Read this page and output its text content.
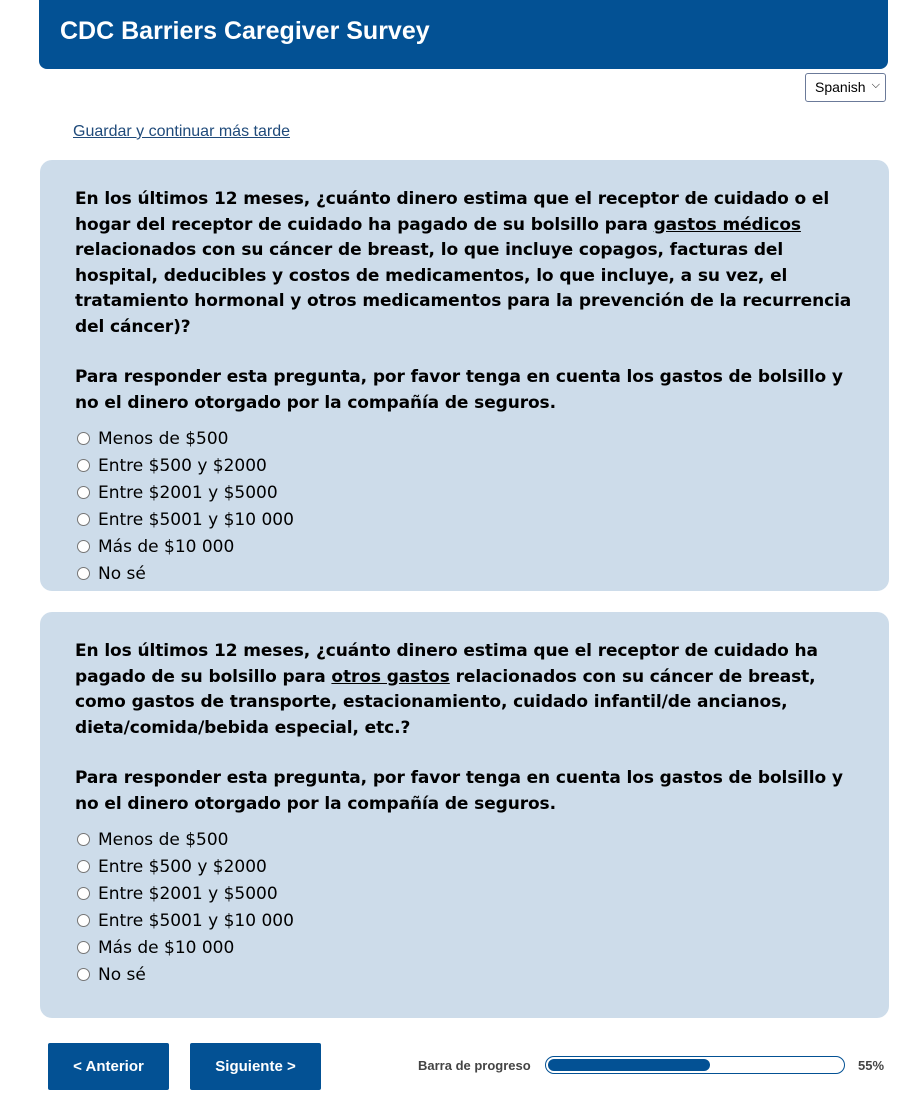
CDC Barriers Caregiver Survey
Spanish ⌵
Guardar y continuar más tarde
En los últimos 12 meses, ¿cuánto dinero estima que el receptor de cuidado o el hogar del receptor de cuidado ha pagado de su bolsillo para gastos médicos relacionados con su cáncer de breast, lo que incluye copagos, facturas del hospital, deducibles y costos de medicamentos, lo que incluye, a su vez, el tratamiento hormonal y otros medicamentos para la prevención de la recurrencia del cáncer)?
Para responder esta pregunta, por favor tenga en cuenta los gastos de bolsillo y no el dinero otorgado por la compañía de seguros.
Menos de $500
Entre $500 y $2000
Entre $2001 y $5000
Entre $5001 y $10 000
Más de $10 000
No sé
En los últimos 12 meses, ¿cuánto dinero estima que el receptor de cuidado ha pagado de su bolsillo para otros gastos relacionados con su cáncer de breast, como gastos de transporte, estacionamiento, cuidado infantil/de ancianos, dieta/comida/bebida especial, etc.?
Para responder esta pregunta, por favor tenga en cuenta los gastos de bolsillo y no el dinero otorgado por la compañía de seguros.
Menos de $500
Entre $500 y $2000
Entre $2001 y $5000
Entre $5001 y $10 000
Más de $10 000
No sé
< Anterior	Siguiente >	Barra de progreso	55%
